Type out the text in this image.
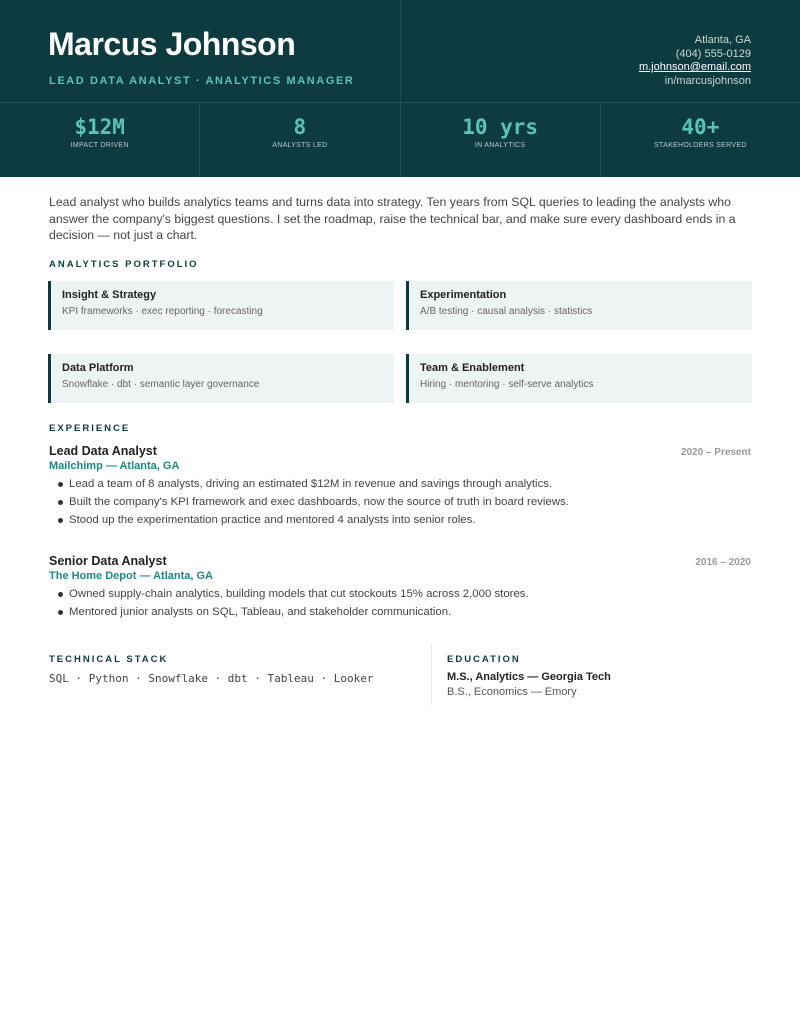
Marcus Johnson
LEAD DATA ANALYST · ANALYTICS MANAGER
Atlanta, GA
(404) 555-0129
m.johnson@email.com
in/marcusjohnson
$12M
IMPACT DRIVEN
8
ANALYSTS LED
10 yrs
IN ANALYTICS
40+
STAKEHOLDERS SERVED

Lead analyst who builds analytics teams and turns data into strategy. Ten years from SQL queries to leading the analysts who answer the company's biggest questions. I set the roadmap, raise the technical bar, and make sure every dashboard ends in a decision — not just a chart.

ANALYTICS PORTFOLIO
Insight & Strategy
KPI frameworks · exec reporting · forecasting
Experimentation
A/B testing · causal analysis · statistics
Data Platform
Snowflake · dbt · semantic layer governance
Team & Enablement
Hiring · mentoring · self-serve analytics
EXPERIENCE
Lead Data Analyst	2020 – Present
Mailchimp — Atlanta, GA
Lead a team of 8 analysts, driving an estimated $12M in revenue and savings through analytics.
Built the company's KPI framework and exec dashboards, now the source of truth in board reviews.
Stood up the experimentation practice and mentored 4 analysts into senior roles.
Senior Data Analyst	2016 – 2020
The Home Depot — Atlanta, GA
Owned supply-chain analytics, building models that cut stockouts 15% across 2,000 stores.
Mentored junior analysts on SQL, Tableau, and stakeholder communication.
TECHNICAL STACK
SQL · Python · Snowflake · dbt · Tableau · Looker
EDUCATION
M.S., Analytics — Georgia Tech
B.S., Economics — Emory
